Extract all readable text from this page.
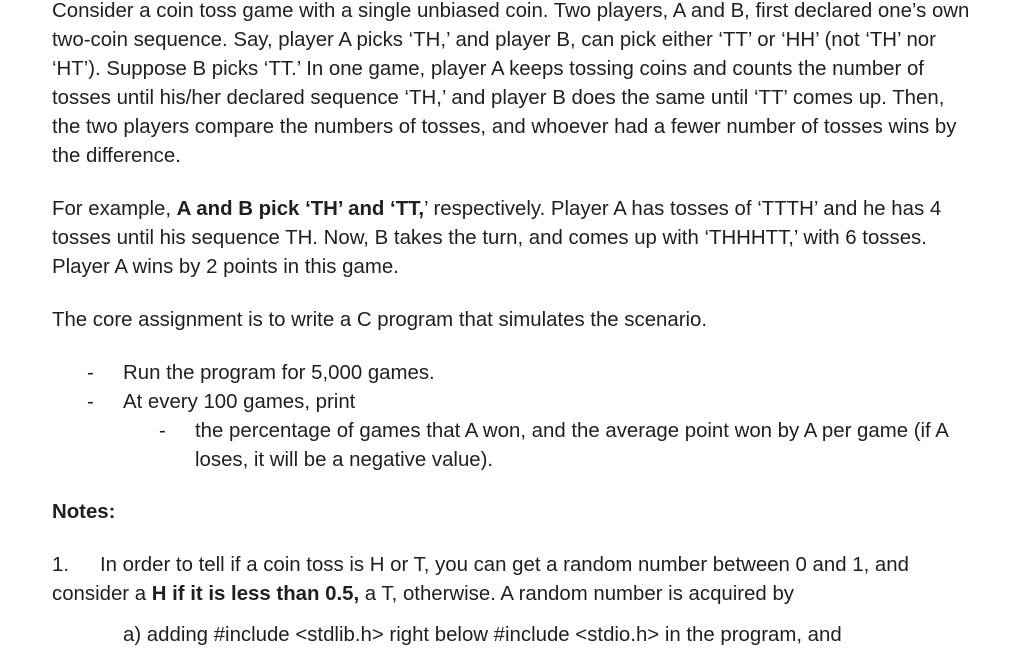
Consider a coin toss game with a single unbiased coin. Two players, A and B, first declared one’s own two-coin sequence. Say, player A picks ‘TH,’ and player B, can pick either ‘TT’ or ‘HH’ (not ‘TH’ nor ‘HT’). Suppose B picks ‘TT.’ In one game, player A keeps tossing coins and counts the number of tosses until his/her declared sequence ‘TH,’ and player B does the same until ‘TT’ comes up. Then, the two players compare the numbers of tosses, and whoever had a fewer number of tosses wins by the difference.

For example, A and B pick ‘TH’ and ‘TT,’ respectively. Player A has tosses of ‘TTTH’ and he has 4 tosses until his sequence TH. Now, B takes the turn, and comes up with ‘THHHTT,’ with 6 tosses. Player A wins by 2 points in this game.

The core assignment is to write a C program that simulates the scenario.

- Run the program for 5,000 games.
- At every 100 games, print
- the percentage of games that A won, and the average point won by A per game (if A loses, it will be a negative value).

Notes:

1. In order to tell if a coin toss is H or T, you can get a random number between 0 and 1, and consider a H if it is less than 0.5, a T, otherwise. A random number is acquired by

a) adding #include <stdlib.h> right below #include <stdio.h> in the program, and
